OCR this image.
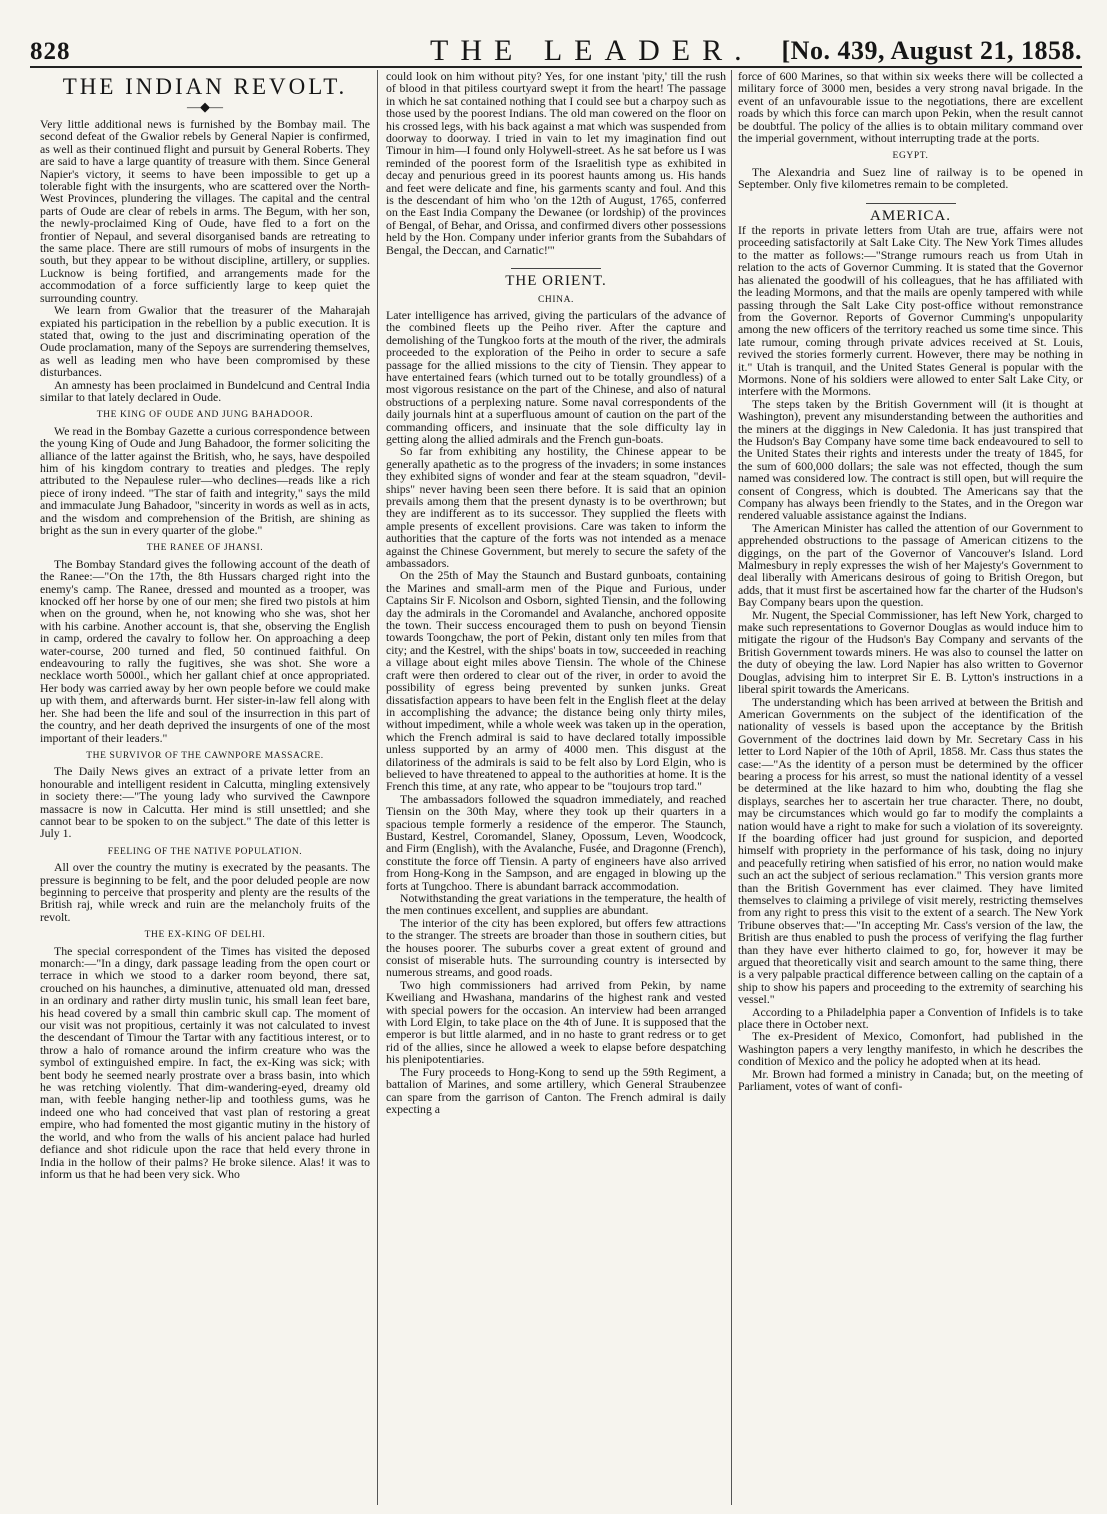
828	THE LEADER. [No. 439, August 21, 1858.
THE INDIAN REVOLT.
—◆—

Very little additional news is furnished by the Bombay mail. The second defeat of the Gwalior rebels by General Napier is confirmed, as well as their continued flight and pursuit by General Roberts. They are said to have a large quantity of treasure with them. Since General Napier's victory, it seems to have been impossible to get up a tolerable fight with the insurgents, who are scattered over the North-West Provinces, plundering the villages. The capital and the central parts of Oude are clear of rebels in arms. The Begum, with her son, the newly-proclaimed King of Oude, have fled to a fort on the frontier of Nepaul, and several disorganised bands are retreating to the same place. There are still rumours of mobs of insurgents in the south, but they appear to be without discipline, artillery, or supplies. Lucknow is being fortified, and arrangements made for the accommodation of a force sufficiently large to keep quiet the surrounding country.

We learn from Gwalior that the treasurer of the Maharajah expiated his participation in the rebellion by a public execution. It is stated that, owing to the just and discriminating operation of the Oude proclamation, many of the Sepoys are surrendering themselves, as well as leading men who have been compromised by these disturbances.

An amnesty has been proclaimed in Bundelcund and Central India similar to that lately declared in Oude.

THE KING OF OUDE AND JUNG BAHADOOR.

We read in the Bombay Gazette a curious correspondence between the young King of Oude and Jung Bahadoor, the former soliciting the alliance of the latter against the British, who, he says, have despoiled him of his kingdom contrary to treaties and pledges. The reply attributed to the Nepaulese ruler—who declines—reads like a rich piece of irony indeed. "The star of faith and integrity," says the mild and immaculate Jung Bahadoor, "sincerity in words as well as in acts, and the wisdom and comprehension of the British, are shining as bright as the sun in every quarter of the globe."

THE RANEE OF JHANSI.

The Bombay Standard gives the following account of the death of the Ranee:—"On the 17th, the 8th Hussars charged right into the enemy's camp. The Ranee, dressed and mounted as a trooper, was knocked off her horse by one of our men; she fired two pistols at him when on the ground, when he, not knowing who she was, shot her with his carbine. Another account is, that she, observing the English in camp, ordered the cavalry to follow her. On approaching a deep water-course, 200 turned and fled, 50 continued faithful. On endeavouring to rally the fugitives, she was shot. She wore a necklace worth 5000l., which her gallant chief at once appropriated. Her body was carried away by her own people before we could make up with them, and afterwards burnt. Her sister-in-law fell along with her. She had been the life and soul of the insurrection in this part of the country, and her death deprived the insurgents of one of the most important of their leaders."

THE SURVIVOR OF THE CAWNPORE MASSACRE.

The Daily News gives an extract of a private letter from an honourable and intelligent resident in Calcutta, mingling extensively in society there:—"The young lady who survived the Cawnpore massacre is now in Calcutta. Her mind is still unsettled; and she cannot bear to be spoken to on the subject." The date of this letter is July 1.

FEELING OF THE NATIVE POPULATION.

All over the country the mutiny is execrated by the peasants. The pressure is beginning to be felt, and the poor deluded people are now beginning to perceive that prosperity and plenty are the results of the British raj, while wreck and ruin are the melancholy fruits of the revolt.

THE EX-KING OF DELHI.

The special correspondent of the Times has visited the deposed monarch:—"In a dingy, dark passage leading from the open court or terrace in which we stood to a darker room beyond, there sat, crouched on his haunches, a diminutive, attenuated old man, dressed in an ordinary and rather dirty muslin tunic, his small lean feet bare, his head covered by a small thin cambric skull cap. The moment of our visit was not propitious, certainly it was not calculated to invest the descendant of Timour the Tartar with any factitious interest, or to throw a halo of romance around the infirm creature who was the symbol of extinguished empire. In fact, the ex-King was sick; with bent body he seemed nearly prostrate over a brass basin, into which he was retching violently. That dim-wandering-eyed, dreamy old man, with feeble hanging nether-lip and toothless gums, was he indeed one who had conceived that vast plan of restoring a great empire, who had fomented the most gigantic mutiny in the history of the world, and who from the walls of his ancient palace had hurled defiance and shot ridicule upon the race that held every throne in India in the hollow of their palms? He broke silence. Alas! it was to inform us that he had been very sick. Who

could look on him without pity? Yes, for one instant 'pity,' till the rush of blood in that pitiless courtyard swept it from the heart! The passage in which he sat contained nothing that I could see but a charpoy such as those used by the poorest Indians. The old man cowered on the floor on his crossed legs, with his back against a mat which was suspended from doorway to doorway. I tried in vain to let my imagination find out Timour in him—I found only Holywell-street. As he sat before us I was reminded of the poorest form of the Israelitish type as exhibited in decay and penurious greed in its poorest haunts among us. His hands and feet were delicate and fine, his garments scanty and foul. And this is the descendant of him who 'on the 12th of August, 1765, conferred on the East India Company the Dewanee (or lordship) of the provinces of Bengal, of Behar, and Orissa, and confirmed divers other possessions held by the Hon. Company under inferior grants from the Subahdars of Bengal, the Deccan, and Carnatic!'"

THE ORIENT.
CHINA.

Later intelligence has arrived, giving the particulars of the advance of the combined fleets up the Peiho river. After the capture and demolishing of the Tungkoo forts at the mouth of the river, the admirals proceeded to the exploration of the Peiho in order to secure a safe passage for the allied missions to the city of Tiensin. They appear to have entertained fears (which turned out to be totally groundless) of a most vigorous resistance on the part of the Chinese, and also of natural obstructions of a perplexing nature. Some naval correspondents of the daily journals hint at a superfluous amount of caution on the part of the commanding officers, and insinuate that the sole difficulty lay in getting along the allied admirals and the French gun-boats.

So far from exhibiting any hostility, the Chinese appear to be generally apathetic as to the progress of the invaders; in some instances they exhibited signs of wonder and fear at the steam squadron, "devil-ships" never having been seen there before. It is said that an opinion prevails among them that the present dynasty is to be overthrown; but they are indifferent as to its successor. They supplied the fleets with ample presents of excellent provisions. Care was taken to inform the authorities that the capture of the forts was not intended as a menace against the Chinese Government, but merely to secure the safety of the ambassadors.

On the 25th of May the Staunch and Bustard gunboats, containing the Marines and small-arm men of the Pique and Furious, under Captains Sir F. Nicolson and Osborn, sighted Tiensin, and the following day the admirals in the Coromandel and Avalanche, anchored opposite the town. Their success encouraged them to push on beyond Tiensin towards Toongchaw, the port of Pekin, distant only ten miles from that city; and the Kestrel, with the ships' boats in tow, succeeded in reaching a village about eight miles above Tiensin. The whole of the Chinese craft were then ordered to clear out of the river, in order to avoid the possibility of egress being prevented by sunken junks. Great dissatisfaction appears to have been felt in the English fleet at the delay in accomplishing the advance; the distance being only thirty miles, without impediment, while a whole week was taken up in the operation, which the French admiral is said to have declared totally impossible unless supported by an army of 4000 men. This disgust at the dilatoriness of the admirals is said to be felt also by Lord Elgin, who is believed to have threatened to appeal to the authorities at home. It is the French this time, at any rate, who appear to be "toujours trop tard."

The ambassadors followed the squadron immediately, and reached Tiensin on the 30th May, where they took up their quarters in a spacious temple formerly a residence of the emperor. The Staunch, Bustard, Kestrel, Coromandel, Slaney, Opossum, Leven, Woodcock, and Firm (English), with the Avalanche, Fusée, and Dragonne (French), constitute the force off Tiensin. A party of engineers have also arrived from Hong-Kong in the Sampson, and are engaged in blowing up the forts at Tungchoo. There is abundant barrack accommodation.

Notwithstanding the great variations in the temperature, the health of the men continues excellent, and supplies are abundant.

The interior of the city has been explored, but offers few attractions to the stranger. The streets are broader than those in southern cities, but the houses poorer. The suburbs cover a great extent of ground and consist of miserable huts. The surrounding country is intersected by numerous streams, and good roads.

Two high commissioners had arrived from Pekin, by name Kweiliang and Hwashana, mandarins of the highest rank and vested with special powers for the occasion. An interview had been arranged with Lord Elgin, to take place on the 4th of June. It is supposed that the emperor is but little alarmed, and in no haste to grant redress or to get rid of the allies, since he allowed a week to elapse before despatching his plenipotentiaries.

The Fury proceeds to Hong-Kong to send up the 59th Regiment, a battalion of Marines, and some artillery, which General Straubenzee can spare from the garrison of Canton. The French admiral is daily expecting a

force of 600 Marines, so that within six weeks there will be collected a military force of 3000 men, besides a very strong naval brigade. In the event of an unfavourable issue to the negotiations, there are excellent roads by which this force can march upon Pekin, when the result cannot be doubtful. The policy of the allies is to obtain military command over the imperial government, without interrupting trade at the ports.

EGYPT.

The Alexandria and Suez line of railway is to be opened in September. Only five kilometres remain to be completed.

AMERICA.

If the reports in private letters from Utah are true, affairs were not proceeding satisfactorily at Salt Lake City. The New York Times alludes to the matter as follows:—"Strange rumours reach us from Utah in relation to the acts of Governor Cumming. It is stated that the Governor has alienated the goodwill of his colleagues, that he has affiliated with the leading Mormons, and that the mails are openly tampered with while passing through the Salt Lake City post-office without remonstrance from the Governor. Reports of Governor Cumming's unpopularity among the new officers of the territory reached us some time since. This late rumour, coming through private advices received at St. Louis, revived the stories formerly current. However, there may be nothing in it." Utah is tranquil, and the United States General is popular with the Mormons. None of his soldiers were allowed to enter Salt Lake City, or interfere with the Mormons.

The steps taken by the British Government will (it is thought at Washington), prevent any misunderstanding between the authorities and the miners at the diggings in New Caledonia. It has just transpired that the Hudson's Bay Company have some time back endeavoured to sell to the United States their rights and interests under the treaty of 1845, for the sum of 600,000 dollars; the sale was not effected, though the sum named was considered low. The contract is still open, but will require the consent of Congress, which is doubted. The Americans say that the Company has always been friendly to the States, and in the Oregon war rendered valuable assistance against the Indians.

The American Minister has called the attention of our Government to apprehended obstructions to the passage of American citizens to the diggings, on the part of the Governor of Vancouver's Island. Lord Malmesbury in reply expresses the wish of her Majesty's Government to deal liberally with Americans desirous of going to British Oregon, but adds, that it must first be ascertained how far the charter of the Hudson's Bay Company bears upon the question.

Mr. Nugent, the Special Commissioner, has left New York, charged to make such representations to Governor Douglas as would induce him to mitigate the rigour of the Hudson's Bay Company and servants of the British Government towards miners. He was also to counsel the latter on the duty of obeying the law. Lord Napier has also written to Governor Douglas, advising him to interpret Sir E. B. Lytton's instructions in a liberal spirit towards the Americans.

The understanding which has been arrived at between the British and American Governments on the subject of the identification of the nationality of vessels is based upon the acceptance by the British Government of the doctrines laid down by Mr. Secretary Cass in his letter to Lord Napier of the 10th of April, 1858. Mr. Cass thus states the case:—"As the identity of a person must be determined by the officer bearing a process for his arrest, so must the national identity of a vessel be determined at the like hazard to him who, doubting the flag she displays, searches her to ascertain her true character. There, no doubt, may be circumstances which would go far to modify the complaints a nation would have a right to make for such a violation of its sovereignty. If the boarding officer had just ground for suspicion, and deported himself with propriety in the performance of his task, doing no injury and peacefully retiring when satisfied of his error, no nation would make such an act the subject of serious reclamation." This version grants more than the British Government has ever claimed. They have limited themselves to claiming a privilege of visit merely, restricting themselves from any right to press this visit to the extent of a search. The New York Tribune observes that:—"In accepting Mr. Cass's version of the law, the British are thus enabled to push the process of verifying the flag further than they have ever hitherto claimed to go, for, however it may be argued that theoretically visit and search amount to the same thing, there is a very palpable practical difference between calling on the captain of a ship to show his papers and proceeding to the extremity of searching his vessel."

According to a Philadelphia paper a Convention of Infidels is to take place there in October next.

The ex-President of Mexico, Comonfort, had published in the Washington papers a very lengthy manifesto, in which he describes the condition of Mexico and the policy he adopted when at its head.

Mr. Brown had formed a ministry in Canada; but, on the meeting of Parliament, votes of want of confi-
